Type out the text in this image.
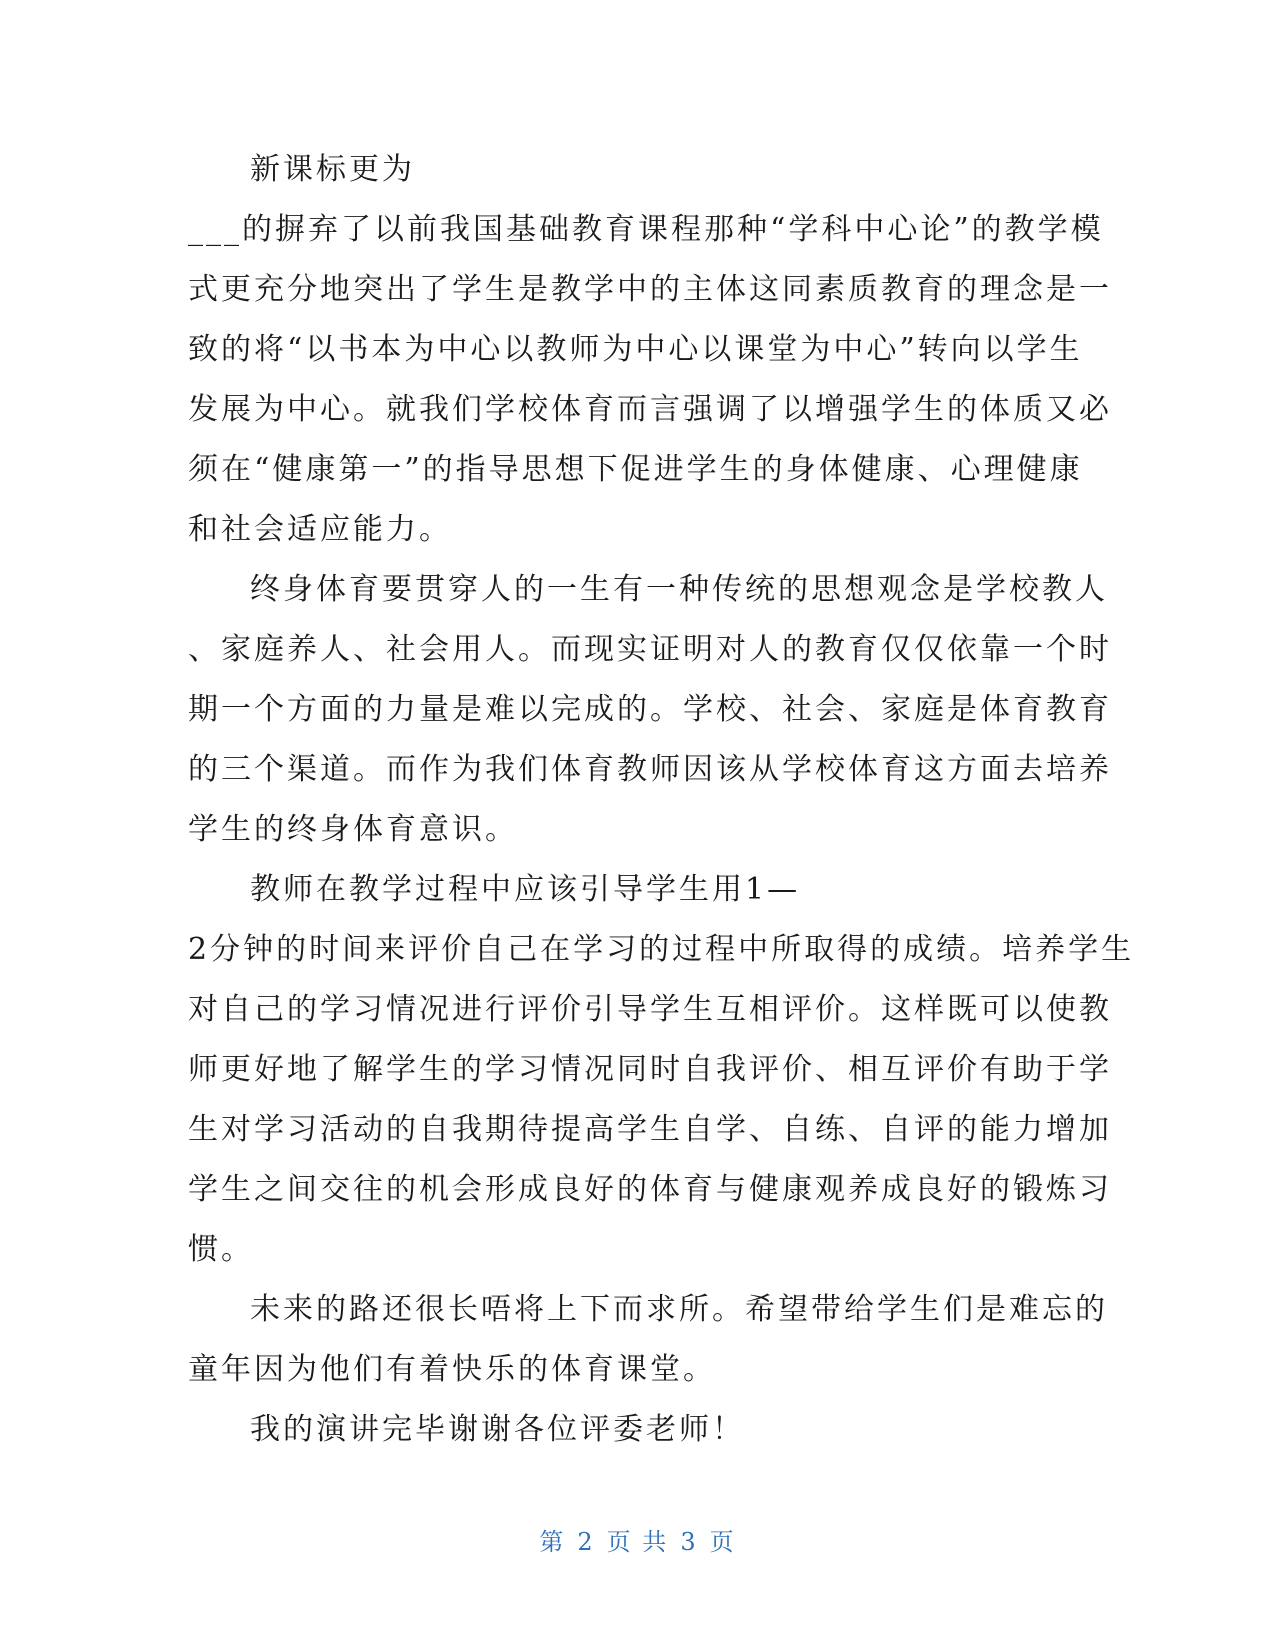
新课标更为
___的摒弃了以前我国基础教育课程那种“学科中心论”的教学模
式更充分地突出了学生是教学中的主体这同素质教育的理念是一
致的将“以书本为中心以教师为中心以课堂为中心”转向以学生
发展为中心。就我们学校体育而言强调了以增强学生的体质又必
须在“健康第一”的指导思想下促进学生的身体健康、心理健康
和社会适应能力。
终身体育要贯穿人的一生有一种传统的思想观念是学校教人
、家庭养人、社会用人。而现实证明对人的教育仅仅依靠一个时
期一个方面的力量是难以完成的。学校、社会、家庭是体育教育
的三个渠道。而作为我们体育教师因该从学校体育这方面去培养
学生的终身体育意识。
教师在教学过程中应该引导学生用1—
2分钟的时间来评价自己在学习的过程中所取得的成绩。培养学生
对自己的学习情况进行评价引导学生互相评价。这样既可以使教
师更好地了解学生的学习情况同时自我评价、相互评价有助于学
生对学习活动的自我期待提高学生自学、自练、自评的能力增加
学生之间交往的机会形成良好的体育与健康观养成良好的锻炼习
惯。
未来的路还很长唔将上下而求所。希望带给学生们是难忘的
童年因为他们有着快乐的体育课堂。
我的演讲完毕谢谢各位评委老师！
第 2 页 共 3 页
